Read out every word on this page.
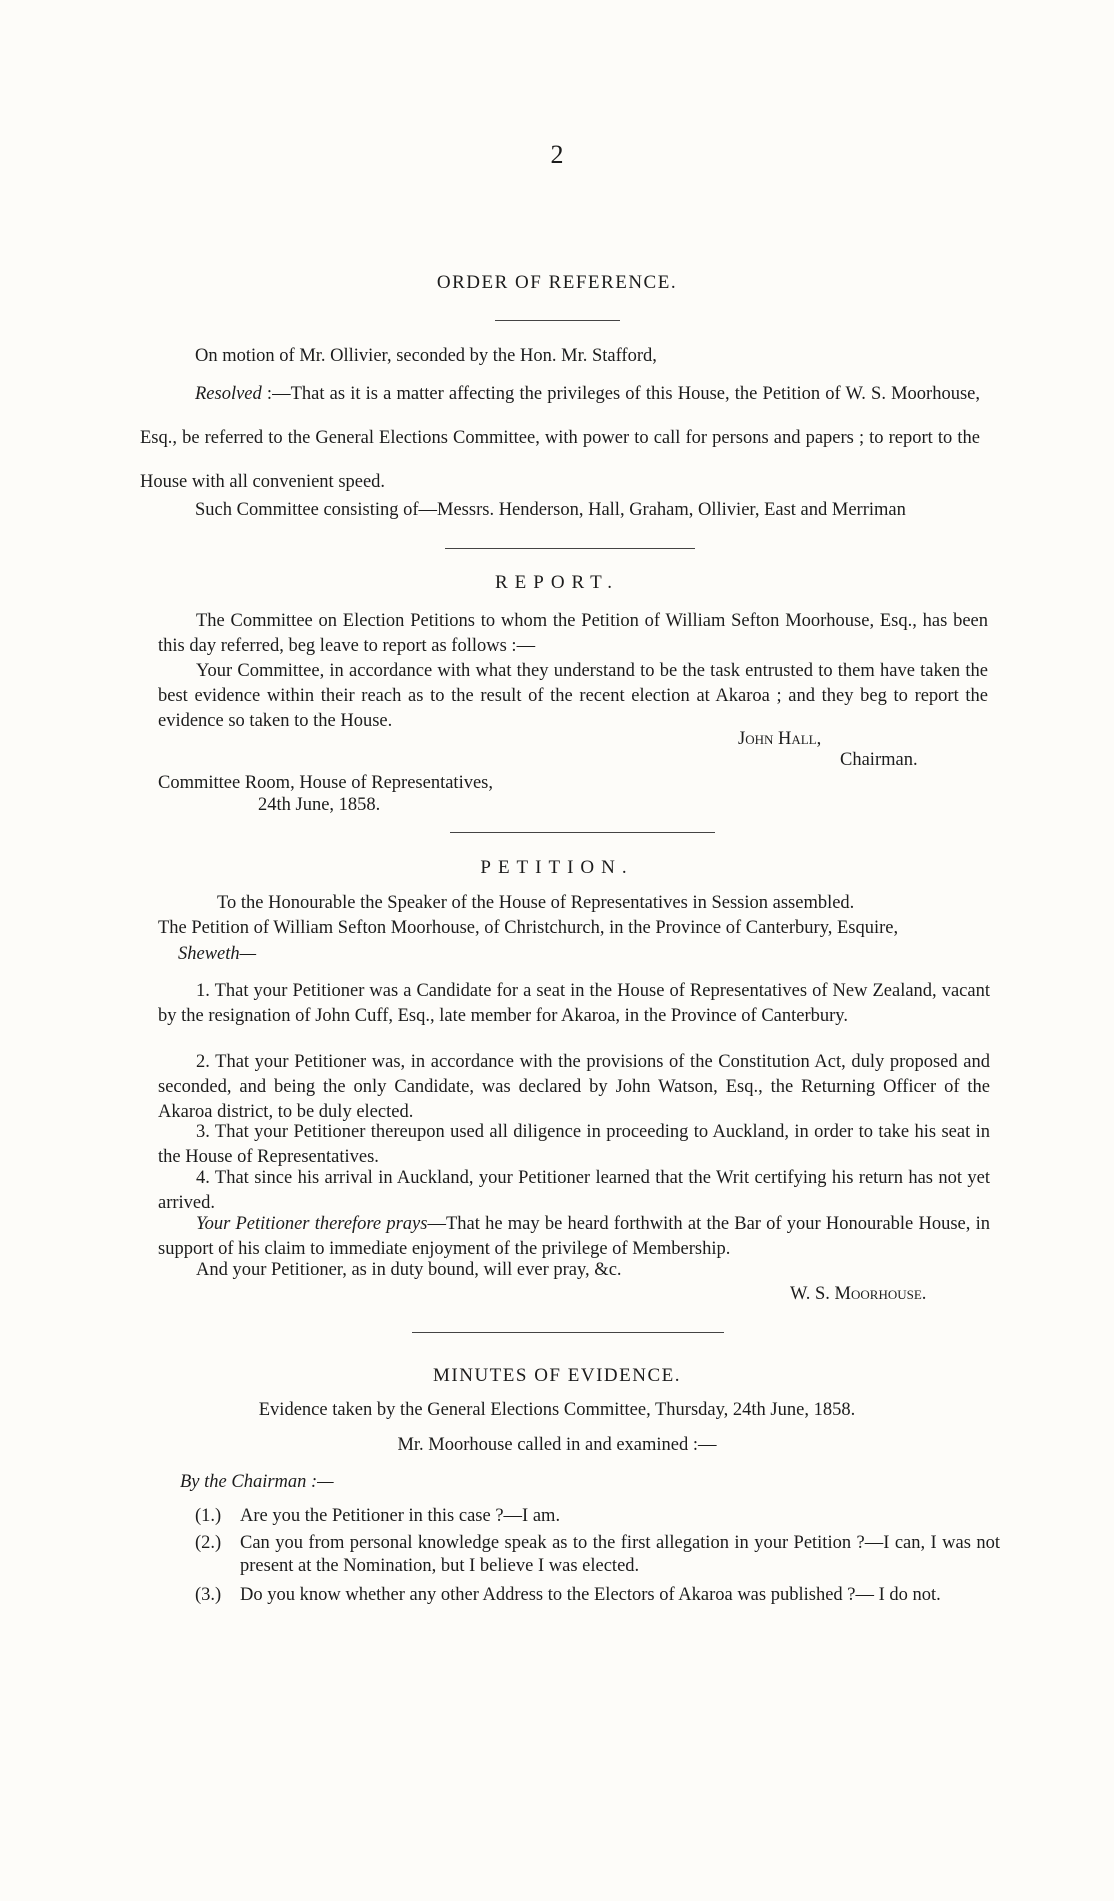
2
ORDER OF REFERENCE.
On motion of Mr. Ollivier, seconded by the Hon. Mr. Stafford,
Resolved :—That as it is a matter affecting the privileges of this House, the Petition of W. S. Moorhouse, Esq., be referred to the General Elections Committee, with power to call for persons and papers ; to report to the House with all convenient speed.
Such Committee consisting of—Messrs. Henderson, Hall, Graham, Ollivier, East and Merriman
REPORT.
The Committee on Election Petitions to whom the Petition of William Sefton Moorhouse, Esq., has been this day referred, beg leave to report as follows :—
Your Committee, in accordance with what they understand to be the task entrusted to them have taken the best evidence within their reach as to the result of the recent election at Akaroa ; and they beg to report the evidence so taken to the House.
John Hall,
Chairman.
Committee Room, House of Representatives,
24th June, 1858.
PETITION.
To the Honourable the Speaker of the House of Representatives in Session assembled.
The Petition of William Sefton Moorhouse, of Christchurch, in the Province of Canterbury, Esquire,
Sheweth—
1. That your Petitioner was a Candidate for a seat in the House of Representatives of New Zealand, vacant by the resignation of John Cuff, Esq., late member for Akaroa, in the Province of Canterbury.
2. That your Petitioner was, in accordance with the provisions of the Constitution Act, duly proposed and seconded, and being the only Candidate, was declared by John Watson, Esq., the Returning Officer of the Akaroa district, to be duly elected.
3. That your Petitioner thereupon used all diligence in proceeding to Auckland, in order to take his seat in the House of Representatives.
4. That since his arrival in Auckland, your Petitioner learned that the Writ certifying his return has not yet arrived.
Your Petitioner therefore prays—That he may be heard forthwith at the Bar of your Honourable House, in support of his claim to immediate enjoyment of the privilege of Membership.
And your Petitioner, as in duty bound, will ever pray, &c.
W. S. Moorhouse.
MINUTES OF EVIDENCE.
Evidence taken by the General Elections Committee, Thursday, 24th June, 1858.
Mr. Moorhouse called in and examined :—
By the Chairman :—
(1.) Are you the Petitioner in this case ?—I am.
(2.) Can you from personal knowledge speak as to the first allegation in your Petition ?—I can, I was not present at the Nomination, but I believe I was elected.
(3.) Do you know whether any other Address to the Electors of Akaroa was published ?— I do not.
